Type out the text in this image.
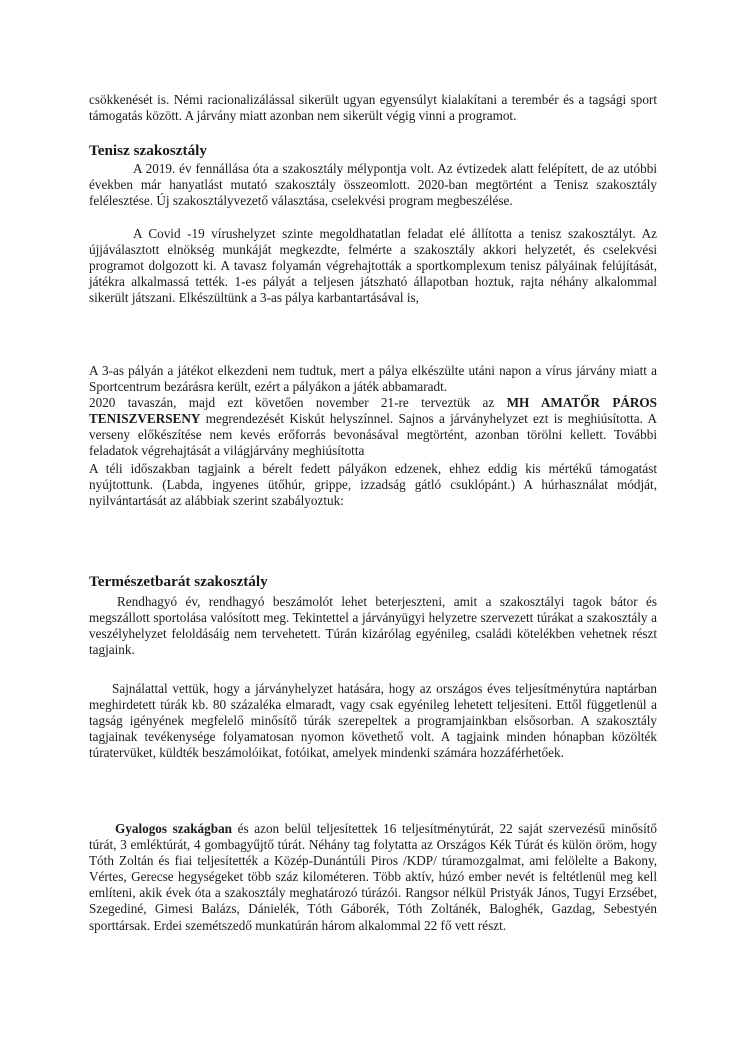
csökkenését is. Némi racionalizálással sikerült ugyan egyensúlyt kialakítani a terembér és a tagsági sport támogatás között. A járvány miatt azonban nem sikerült végig vinni a programot.

Tenisz szakosztály

A 2019. év fennállása óta a szakosztály mélypontja volt. Az évtizedek alatt felépített, de az utóbbi években már hanyatlást mutató szakosztály összeomlott. 2020-ban megtörtént a Tenisz szakosztály felélesztése. Új szakosztályvezető választása, cselekvési program megbeszélése.

A Covid -19 vírushelyzet szinte megoldhatatlan feladat elé állította a tenisz szakosztályt. Az újjáválasztott elnökség munkáját megkezdte, felmérte a szakosztály akkori helyzetét, és cselekvési programot dolgozott ki. A tavasz folyamán végrehajtották a sportkomplexum tenisz pályáinak felújítását, játékra alkalmassá tették. 1-es pályát a teljesen játszható állapotban hoztuk, rajta néhány alkalommal sikerült játszani. Elkészültünk a 3-as pálya karbantartásával is,

A 3-as pályán a játékot elkezdeni nem tudtuk, mert a pálya elkészülte utáni napon a vírus járvány miatt a Sportcentrum bezárásra került, ezért a pályákon a játék abbamaradt.

2020 tavaszán, majd ezt követően november 21-re terveztük az MH AMATŐR PÁROS TENISZVERSENY megrendezését Kiskút helyszínnel. Sajnos a járványhelyzet ezt is meghiúsította. A verseny előkészítése nem kevés erőforrás bevonásával megtörtént, azonban törölni kellett. További feladatok végrehajtását a világjárvány meghiúsította

A téli időszakban tagjaink a bérelt fedett pályákon edzenek, ehhez eddig kis mértékű támogatást nyújtottunk. (Labda, ingyenes ütőhúr, grippe, izzadság gátló csuklópánt.) A húrhasználat módját, nyilvántartását az alábbiak szerint szabályoztuk:

Természetbarát szakosztály

Rendhagyó év, rendhagyó beszámolót lehet beterjeszteni, amit a szakosztályi tagok bátor és megszállott sportolása valósított meg. Tekintettel a járványügyi helyzetre szervezett túrákat a szakosztály a veszélyhelyzet feloldásáig nem tervehetett. Túrán kizárólag egyénileg, családi kötelékben vehetnek részt tagjaink.

Sajnálattal vettük, hogy a járványhelyzet hatására, hogy az országos éves teljesítménytúra naptárban meghirdetett túrák kb. 80 százaléka elmaradt, vagy csak egyénileg lehetett teljesíteni. Ettől függetlenül a tagság igényének megfelelő minősítő túrák szerepeltek a programjainkban elsősorban. A szakosztály tagjainak tevékenysége folyamatosan nyomon követhető volt. A tagjaink minden hónapban közölték túratervüket, küldték beszámolóikat, fotóikat, amelyek mindenki számára hozzáférhetőek.

Gyalogos szakágban és azon belül teljesítettek 16 teljesítménytúrát, 22 saját szervezésű minősítő túrát, 3 emléktúrát, 4 gombagyűjtő túrát. Néhány tag folytatta az Országos Kék Túrát és külön öröm, hogy Tóth Zoltán és fiai teljesítették a Közép-Dunántúli Piros /KDP/ túramozgalmat, ami felölelte a Bakony, Vértes, Gerecse hegységeket több száz kilométeren. Több aktív, húzó ember nevét is feltétlenül meg kell említeni, akik évek óta a szakosztály meghatározó túrázói. Rangsor nélkül Pristyák János, Tugyi Erzsébet, Szegediné, Gimesi Balázs, Dánielék, Tóth Gáborék, Tóth Zoltánék, Baloghék, Gazdag, Sebestyén sporttársak. Erdei szemétszedő munkatúrán három alkalommal 22 fő vett részt.
